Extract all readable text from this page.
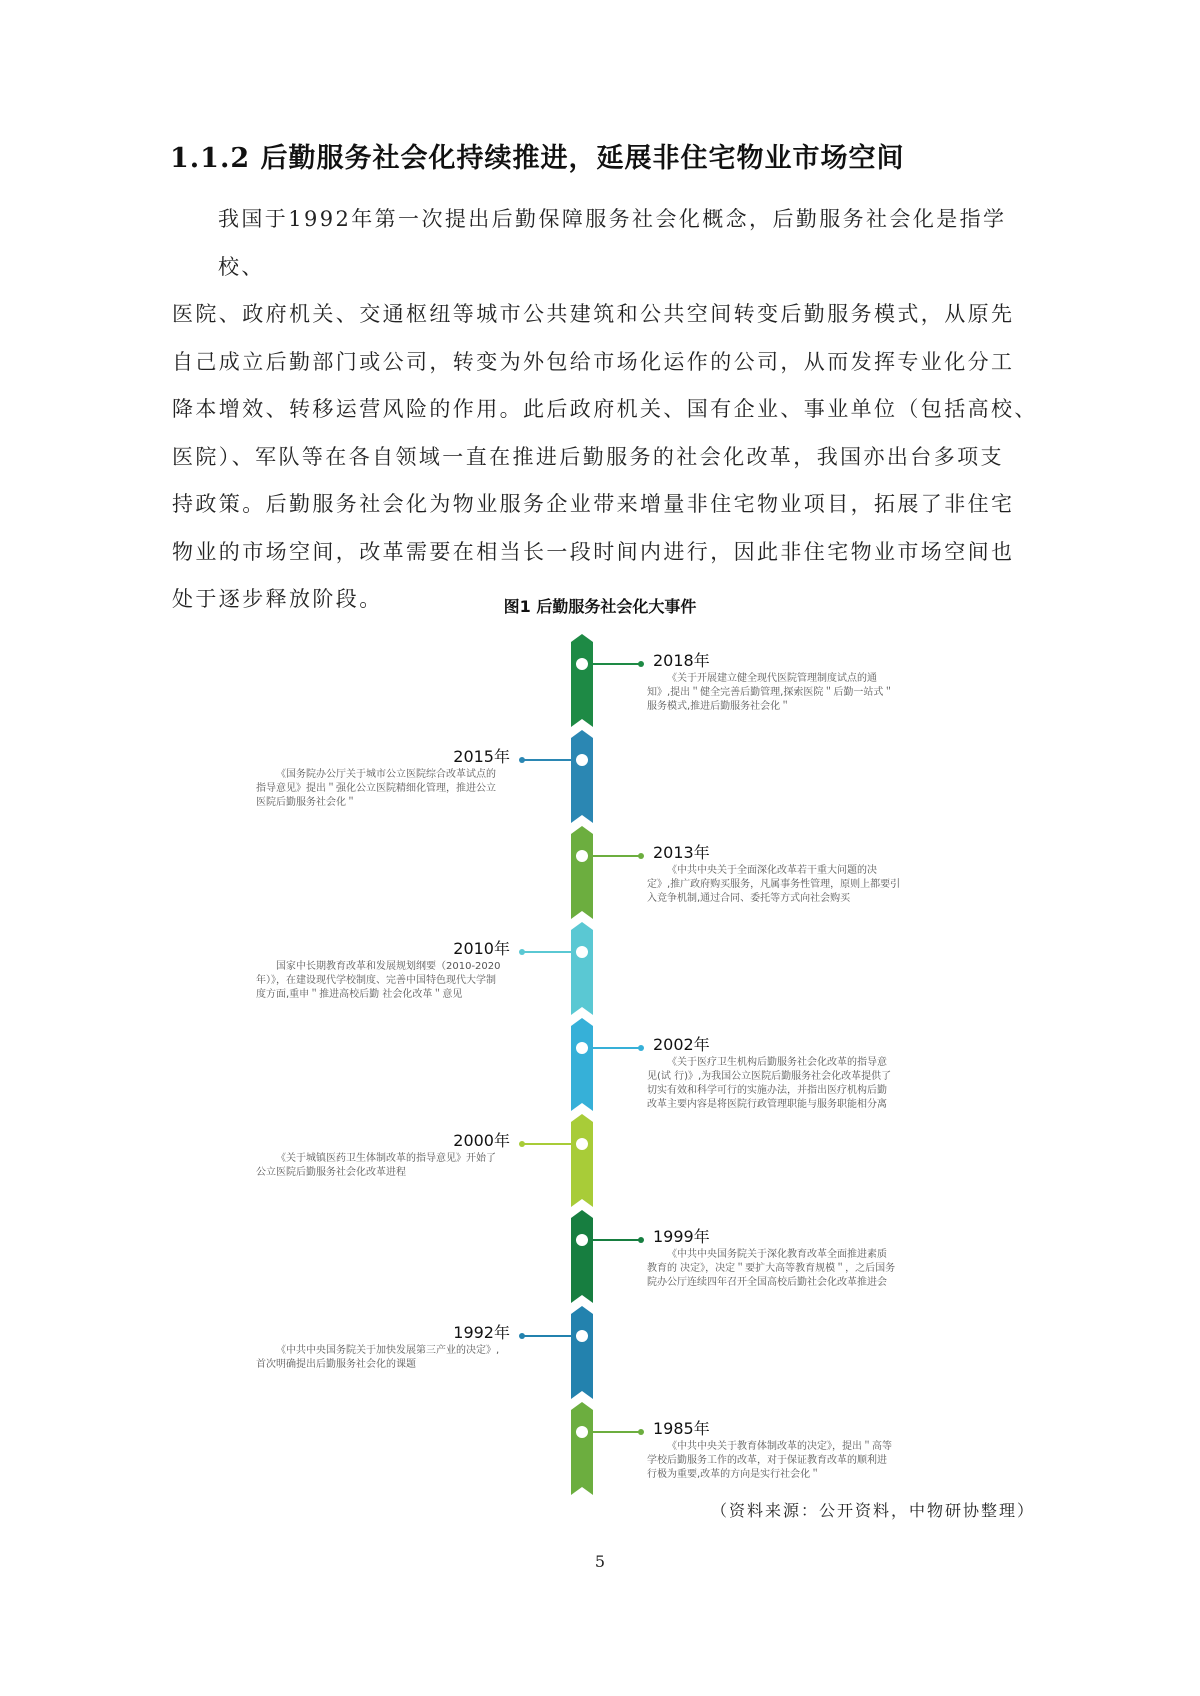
1.1.2 后勤服务社会化持续推进，延展非住宅物业市场空间

我国于1992年第一次提出后勤保障服务社会化概念，后勤服务社会化是指学校、

医院、政府机关、交通枢纽等城市公共建筑和公共空间转变后勤服务模式，从原先

自己成立后勤部门或公司，转变为外包给市场化运作的公司，从而发挥专业化分工

降本增效、转移运营风险的作用。此后政府机关、国有企业、事业单位（包括高校、

医院）、军队等在各自领域一直在推进后勤服务的社会化改革，我国亦出台多项支

持政策。后勤服务社会化为物业服务企业带来增量非住宅物业项目，拓展了非住宅

物业的市场空间，改革需要在相当长一段时间内进行，因此非住宅物业市场空间也

处于逐步释放阶段。	图1 后勤服务社会化大事件
2018年
《关于开展建立健全现代医院管理制度试点的通
知》,提出＂健全完善后勤管理,探索医院＂后勤一站式＂
服务模式,推进后勤服务社会化＂
2015年
《国务院办公厅关于城市公立医院综合改革试点的
指导意见》提出＂强化公立医院精细化管理，推进公立
医院后勤服务社会化＂
2013年
《中共中央关于全面深化改革若干重大问题的决
定》,推广政府购买服务，凡属事务性管理，原则上都要引
入竞争机制,通过合同、委托等方式向社会购买
2010年
国家中长期教育改革和发展规划纲要（2010-2020
年）》，在建设现代学校制度、完善中国特色现代大学制
度方面,重申＂推进高校后勤 社会化改革＂意见
2002年
《关于医疗卫生机构后勤服务社会化改革的指导意
见(试 行)》,为我国公立医院后勤服务社会化改革提供了
切实有效和科学可行的实施办法，并指出医疗机构后勤
改革主要内容是将医院行政管理职能与服务职能相分离
2000年
《关于城镇医药卫生体制改革的指导意见》开始了
公立医院后勤服务社会化改革进程
1999年
《中共中央国务院关于深化教育改革全面推进素质
教育的 决定》，决定＂要扩大高等教育规模＂，之后国务
院办公厅连续四年召开全国高校后勤社会化改革推进会
1992年
《中共中央国务院关于加快发展第三产业的决定》,
首次明确提出后勤服务社会化的课题
1985年
《中共中央关于教育体制改革的决定》，提出＂高等
学校后勤服务工作的改革，对于保证教育改革的顺利进
行极为重要,改革的方向是实行社会化＂
（资料来源：公开资料，中物研协整理）
5
